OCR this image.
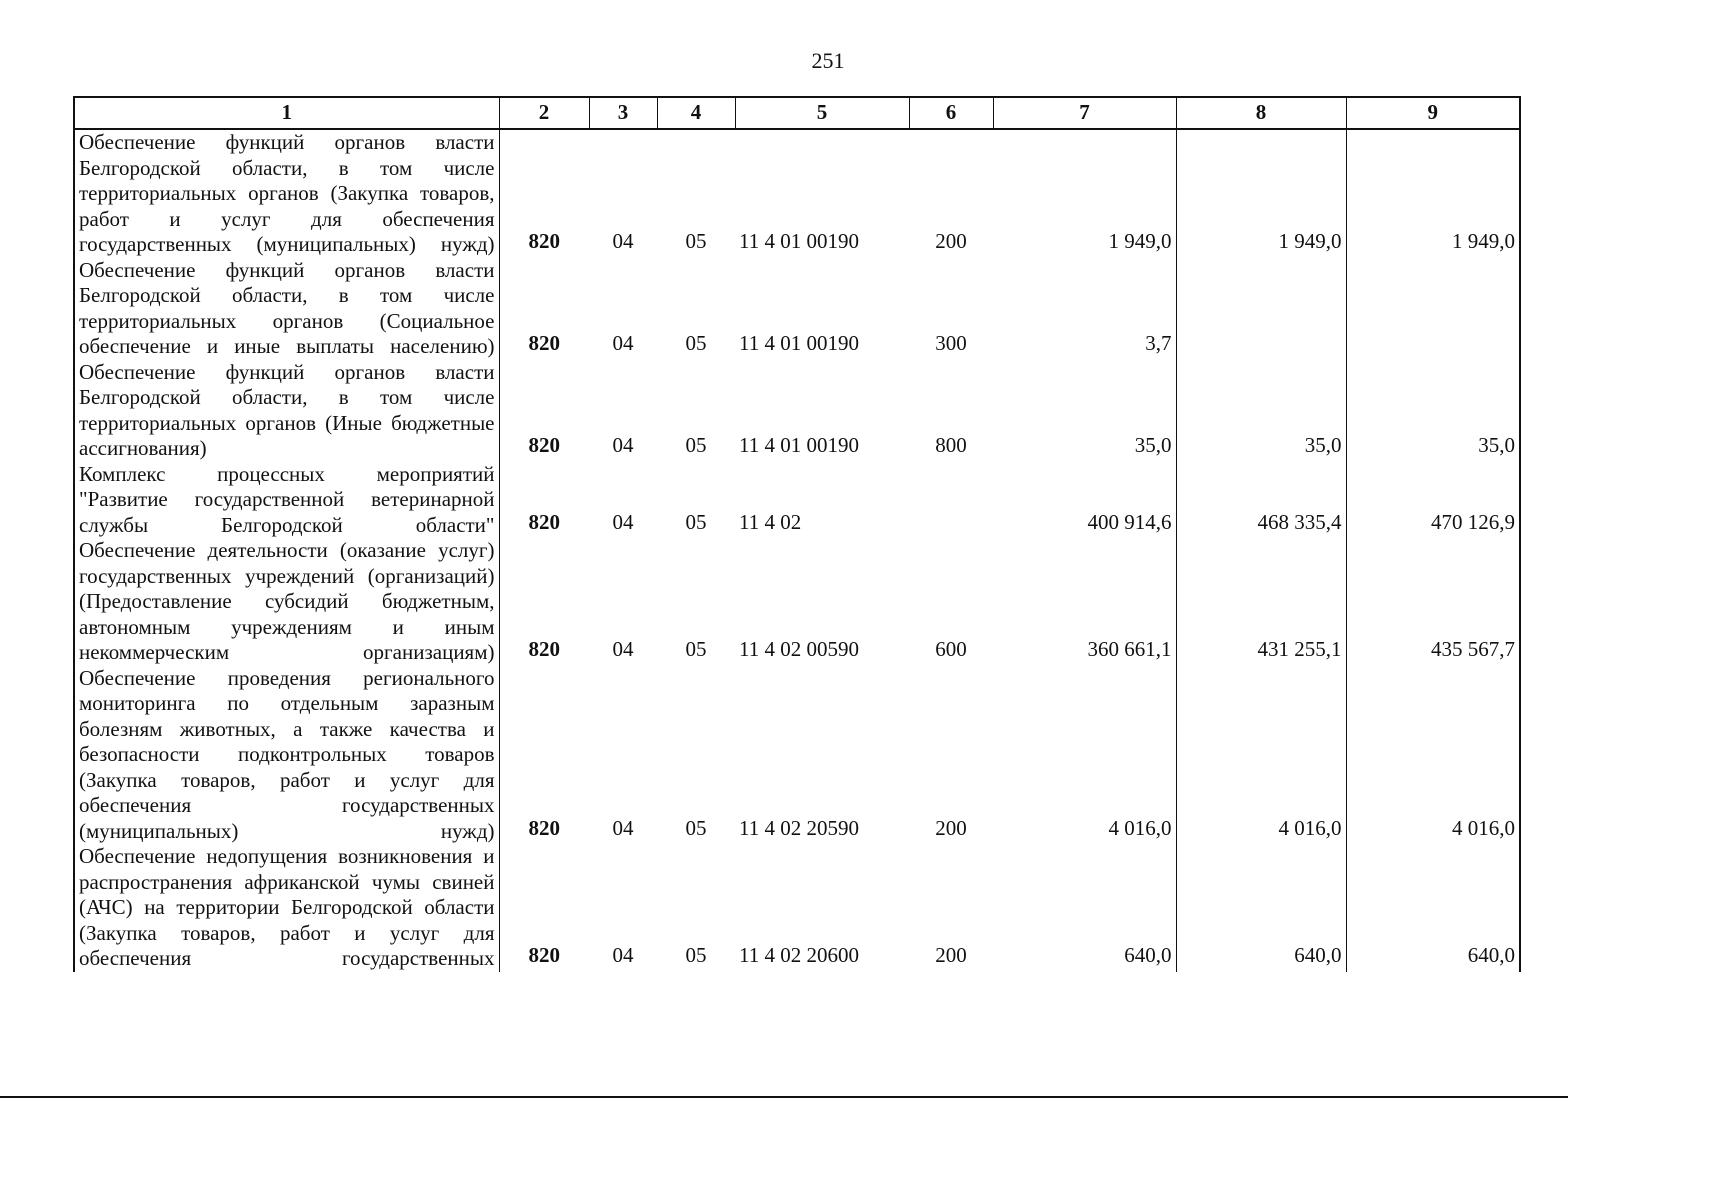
251
1	2	3	4	5	6	7	8	9
Обеспечение функций органов власти Белгородской области, в том числе территориальных органов (Закупка товаров, работ и услуг для обеспечения государственных (муниципальных) нужд)	820	04	05	11 4 01 00190	200	1 949,0	1 949,0	1 949,0

Обеспечение функций органов власти Белгородской области, в том числе территориальных органов (Социальное обеспечение и иные выплаты населению)	820	04	05	11 4 01 00190	300	3,7		

Обеспечение функций органов власти Белгородской области, в том числе территориальных органов (Иные бюджетные ассигнования)	820	04	05	11 4 01 00190	800	35,0	35,0	35,0

Комплекс процессных мероприятий "Развитие государственной ветеринарной службы Белгородской области"	820	04	05	11 4 02		400 914,6	468 335,4	470 126,9

Обеспечение деятельности (оказание услуг) государственных учреждений (организаций) (Предоставление субсидий бюджетным, автономным учреждениям и иным некоммерческим организациям)	820	04	05	11 4 02 00590	600	360 661,1	431 255,1	435 567,7

Обеспечение проведения регионального мониторинга по отдельным заразным болезням животных, а также качества и безопасности подконтрольных товаров (Закупка товаров, работ и услуг для обеспечения государственных (муниципальных) нужд)	820	04	05	11 4 02 20590	200	4 016,0	4 016,0	4 016,0

Обеспечение недопущения возникновения и распространения африканской чумы свиней (АЧС) на территории Белгородской области (Закупка товаров, работ и услуг для обеспечения государственных	820	04	05	11 4 02 20600	200	640,0	640,0	640,0
